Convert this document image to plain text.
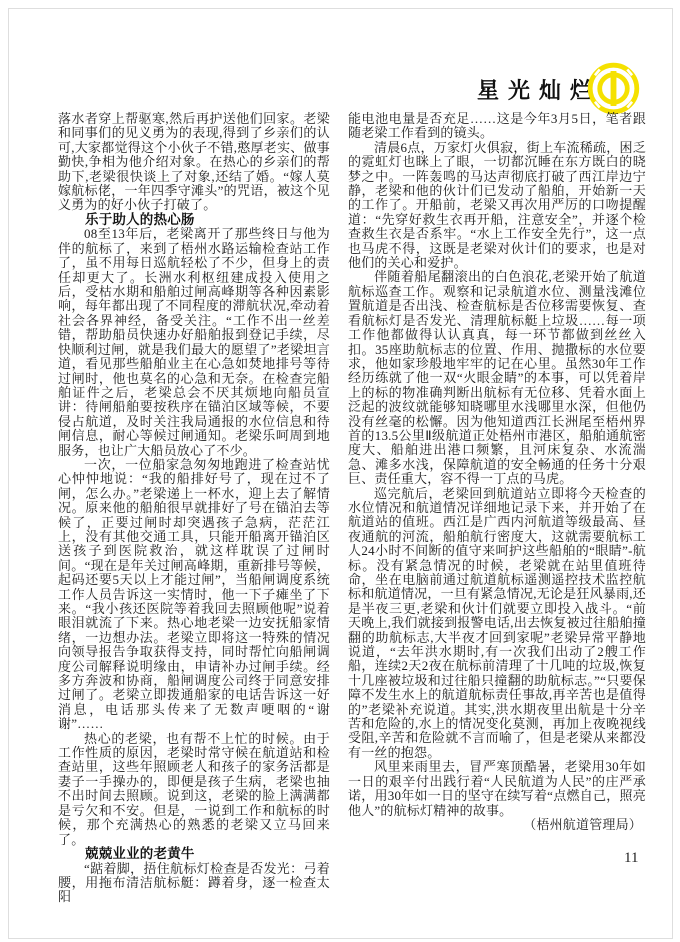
星光灿烂

落水者穿上帮驱寒,然后再护送他们回家。老梁和同事们的见义勇为的表现,得到了乡亲们的认可,大家都觉得这个小伙子不错,憨厚老实、做事勤快,争相为他介绍对象。在热心的乡亲们的帮助下,老梁很快谈上了对象,还结了婚。“嫁人莫嫁航标佬，一年四季守滩头”的咒语，被这个见义勇为的好小伙子打破了。

乐于助人的热心肠

08至13年后，老梁离开了那些终日与他为伴的航标了，来到了梧州水路运输检查站工作了，虽不用每日巡航轻松了不少，但身上的责任却更大了。长洲水利枢纽建成投入使用之后，受枯水期和船舶过闸高峰期等各种因素影响，每年都出现了不同程度的滞航状况,牵动着社会各界神经，备受关注。“工作不出一丝差错，帮助船员快速办好船舶报到登记手续，尽快顺利过闸，就是我们最大的愿望了”老梁坦言道，看见那些船舶业主在心急如焚地排号等待过闸时，他也莫名的心急和无奈。在检查完船舶证件之后，老梁总会不厌其烦地向船员宣讲：待闸船舶要按秩序在锚泊区域等候，不要侵占航道，及时关注我局通报的水位信息和待闸信息，耐心等候过闸通知。老梁乐呵周到地服务，也让广大船员放心了不少。

一次，一位船家急匆匆地跑进了检查站忧心忡忡地说：“我的船排好号了，现在过不了闸，怎么办。”老梁递上一杯水，迎上去了解情况。原来他的船舶很早就排好了号在锚泊去等候了，正要过闸时却突遇孩子急病，茫茫江上，没有其他交通工具，只能开船离开锚泊区送孩子到医院救治，就这样耽误了过闸时间。“现在是年关过闸高峰期，重新排号等候，起码还要5天以上才能过闸”，当船闸调度系统工作人员告诉这一实情时，他一下子瘫坐了下来。“我小孩还医院等着我回去照顾他呢”说着眼泪就流了下来。热心地老梁一边安抚船家情绪，一边想办法。老梁立即将这一特殊的情况向领导报告争取获得支持，同时帮忙向船闸调度公司解释说明缘由，申请补办过闸手续。经多方奔波和协商，船闸调度公司终于同意安排过闸了。老梁立即拨通船家的电话告诉这一好消息，电话那头传来了无数声哽咽的“谢谢”……

热心的老梁，也有帮不上忙的时候。由于工作性质的原因，老梁时常守候在航道站和检查站里，这些年照顾老人和孩子的家务活都是妻子一手操办的，即便是孩子生病，老梁也抽不出时间去照顾。说到这，老梁的脸上满满都是亏欠和不安。但是，一说到工作和航标的时候，那个充满热心的熟悉的老梁又立马回来了。

兢兢业业的老黄牛

“踮着脚，捂住航标灯检查是否发光：弓着腰，用拖布清洁航标艇：蹲着身，逐一检查太阳

能电池电量是否充足……这是今年3月5日，笔者跟随老梁工作看到的镜头。

清晨6点，万家灯火俱寂，街上车流稀疏，困乏的霓虹灯也眯上了眼，一切都沉睡在东方既白的晓梦之中。一阵轰鸣的马达声彻底打破了西江岸边宁静，老梁和他的伙计们已发动了船舶，开始新一天的工作了。开船前，老梁又再次用严厉的口吻提醒道：“先穿好救生衣再开船，注意安全”，并逐个检查救生衣是否系牢。“水上工作安全先行”，这一点也马虎不得，这既是老梁对伙计们的要求，也是对他们的关心和爱护。

伴随着船尾翻滚出的白色浪花,老梁开始了航道航标巡查工作。观察和记录航道水位、测量浅滩位置航道是否出浅、检查航标是否位移需要恢复、查看航标灯是否发光、清理航标艇上垃圾……每一项工作他都做得认认真真，每一环节都做到丝丝入扣。35座助航标志的位置、作用、抛撒标的水位要求，他如家珍般地牢牢的记在心里。虽然30年工作经历练就了他一双“火眼金睛”的本事，可以凭着岸上的标的物准确判断出航标有无位移、凭着水面上泛起的波纹就能够知晓哪里水浅哪里水深，但他仍没有丝毫的松懈。因为他知道西江长洲尾至梧州界首的13.5公里Ⅱ级航道正处梧州市港区，船舶通航密度大、船舶进出港口频繁，且河床复杂、水流湍急、滩多水浅，保障航道的安全畅通的任务十分艰巨、责任重大，容不得一丁点的马虎。

巡完航后，老梁回到航道站立即将今天检查的水位情况和航道情况详细地记录下来，并开始了在航道站的值班。西江是广西内河航道等级最高、昼夜通航的河流，船舶航行密度大，这就需要航标工人24小时不间断的值守来呵护这些船舶的“眼睛”-航标。没有紧急情况的时候，老梁就在站里值班待命，坐在电脑前通过航道航标遥测遥控技术监控航标和航道情况，一旦有紧急情况,无论是狂风暴雨,还是半夜三更,老梁和伙计们就要立即投入战斗。“前天晚上,我们就接到报警电话,出去恢复被过往船舶撞翻的助航标志,大半夜才回到家呢”老梁异常平静地说道，“去年洪水期时,有一次我们出动了2艘工作船，连续2天2夜在航标前清理了十几吨的垃圾,恢复十几座被垃圾和过往船只撞翻的助航标志。”“只要保障不发生水上的航道航标责任事故,再辛苦也是值得的”老梁补充说道。其实,洪水期夜里出航是十分辛苦和危险的,水上的情况变化莫测，再加上夜晚视线受阻,辛苦和危险就不言而喻了，但是老梁从来都没有一丝的抱怨。

风里来雨里去，冒严寒顶酷暑，老梁用30年如一日的艰辛付出践行着“人民航道为人民”的庄严承诺，用30年如一日的坚守在续写着“点燃自己，照亮他人”的航标灯精神的故事。

（梧州航道管理局）

11
